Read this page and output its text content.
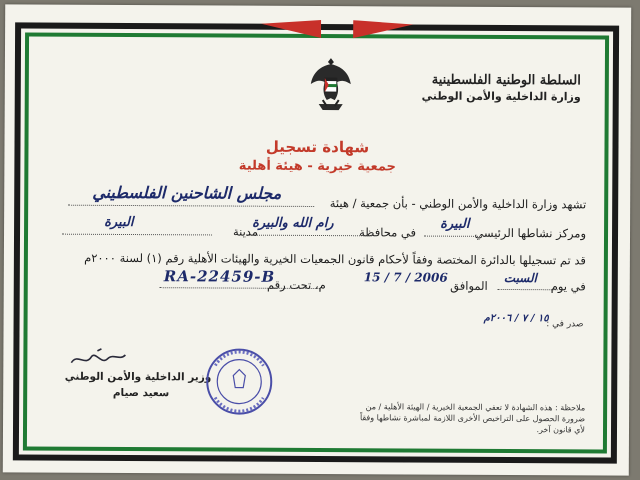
السلطة الوطنية الفلسطينية
وزارة الداخلية والأمن الوطني
شهادة تسجيل
جمعية خيرية - هيئة أهلية
تشهد وزارة الداخلية والأمن الوطني - بأن جمعية / هيئة
مجلس الشاحنين الفلسطيني
ومركز نشاطها الرئيسي
البيرة
في محافظة
رام الله والبيرة
مدينة
البيرة
قد تم تسجيلها بالدائرة المختصة وفقاً لأحكام قانون الجمعيات الخيرية والهيئات الأهلية رقم (١) لسنة ٢٠٠٠م
في يوم
السبت
الموافق
15 / 7 / 2006
م، تحت رقم
RA-22459-B
صدر في :
١٥ / ٧ / ٢٠٠٦م
وزير الداخلية والأمن الوطني
سعيد صيام
ملاحظة : هذه الشهادة لا تعفي الجمعية الخيرية / الهيئة الأهلية / من ضرورة الحصول على التراخيص الأخرى اللازمة لمباشرة نشاطها وفقاً لأي قانون آخر.
